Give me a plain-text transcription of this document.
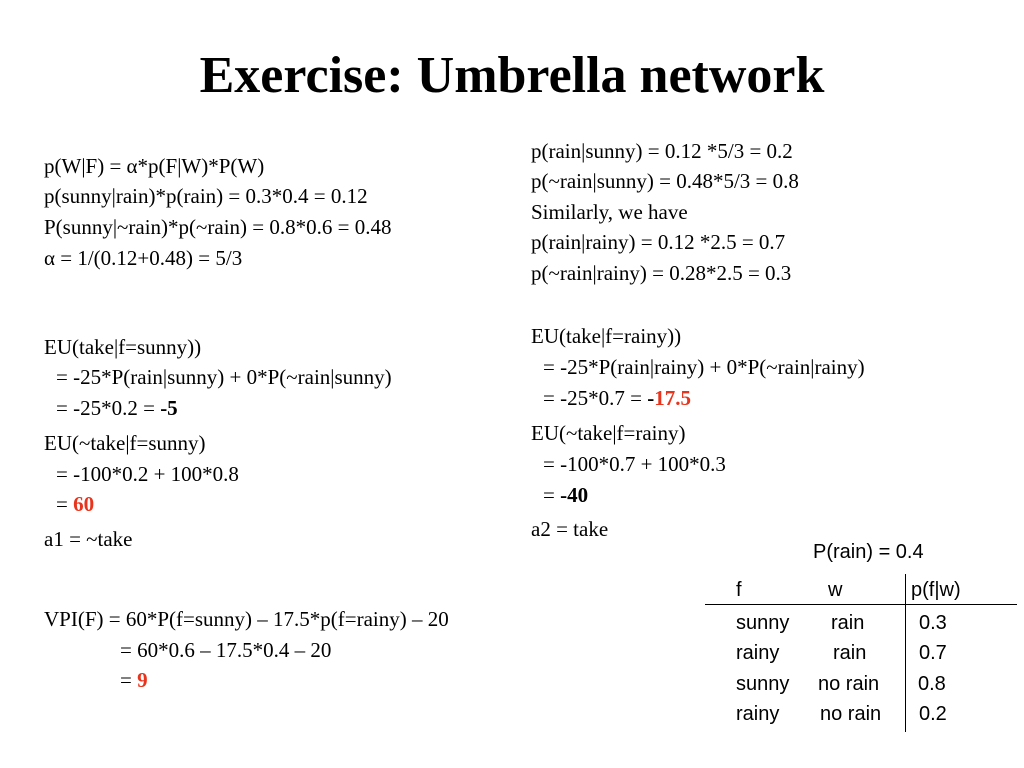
Exercise: Umbrella network
p(W|F) = α*p(F|W)*P(W)
p(sunny|rain)*p(rain) = 0.3*0.4 = 0.12
P(sunny|~rain)*p(~rain) = 0.8*0.6 = 0.48
α = 1/(0.12+0.48) = 5/3
EU(take|f=sunny))
= -25*P(rain|sunny) + 0*P(~rain|sunny)
= -25*0.2 = -5
EU(~take|f=sunny)
= -100*0.2 + 100*0.8
= 60
a1 = ~take
VPI(F) = 60*P(f=sunny) – 17.5*p(f=rainy) – 20
= 60*0.6 – 17.5*0.4 – 20
= 9
p(rain|sunny) = 0.12 *5/3 = 0.2
p(~rain|sunny) = 0.48*5/3 = 0.8
Similarly, we have
p(rain|rainy) = 0.12 *2.5 = 0.7
p(~rain|rainy) = 0.28*2.5 = 0.3
EU(take|f=rainy))
= -25*P(rain|rainy) + 0*P(~rain|rainy)
= -25*0.7 = -17.5
EU(~take|f=rainy)
= -100*0.7 + 100*0.3
= -40
a2 = take
P(rain) = 0.4
f	w	p(f|w)
sunny rain	0.3
rainy	rain	0.7
sunny no rain 0.8
rainy no rain 0.2
